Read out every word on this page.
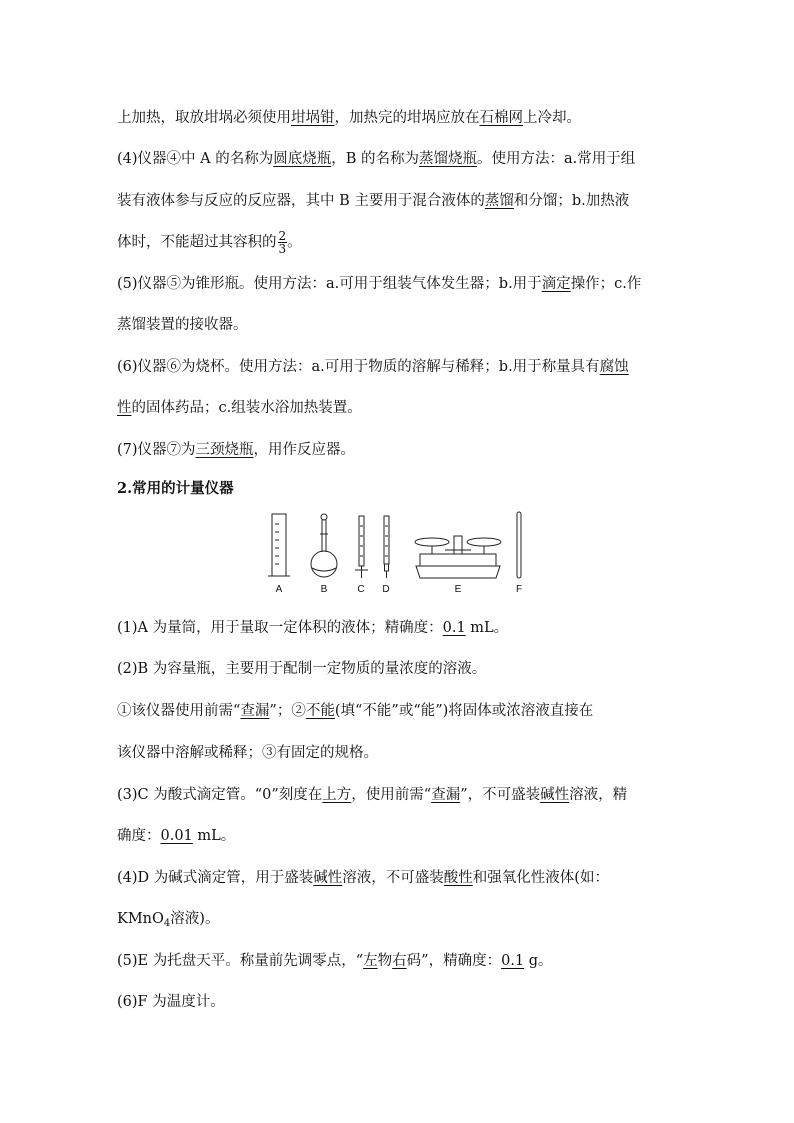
上加热，取放坩埚必须使用坩埚钳，加热完的坩埚应放在石棉网上冷却。
(4)仪器④中 A 的名称为圆底烧瓶，B 的名称为蒸馏烧瓶。使用方法：a.常用于组
装有液体参与反应的反应器，其中 B 主要用于混合液体的蒸馏和分馏；b.加热液
体时，不能超过其容积的 $\frac{2}{3}$ 。
(5)仪器⑤为锥形瓶。使用方法：a.可用于组装气体发生器；b.用于滴定操作；c.作
蒸馏装置的接收器。
(6)仪器⑥为烧杯。使用方法：a.可用于物质的溶解与稀释；b.用于称量具有腐蚀
性的固体药品；c.组装水浴加热装置。
(7)仪器⑦为三颈烧瓶，用作反应器。
2.常用的计量仪器
A	B	C D	E	F
(1)A 为量筒，用于量取一定体积的液体；精确度：0.1 mL。
(2)B 为容量瓶，主要用于配制一定物质的量浓度的溶液。
①该仪器使用前需“查漏”；②不能(填“不能”或“能”)将固体或浓溶液直接在
该仪器中溶解或稀释；③有固定的规格。
(3)C 为酸式滴定管。“0”刻度在上方，使用前需“查漏”，不可盛装碱性溶液，精
确度：0.01 mL。
(4)D 为碱式滴定管，用于盛装碱性溶液，不可盛装酸性和强氧化性液体(如：
KMnO$_4$溶液)。
(5)E 为托盘天平。称量前先调零点，“左物右码”，精确度：0.1 g。
(6)F 为温度计。
